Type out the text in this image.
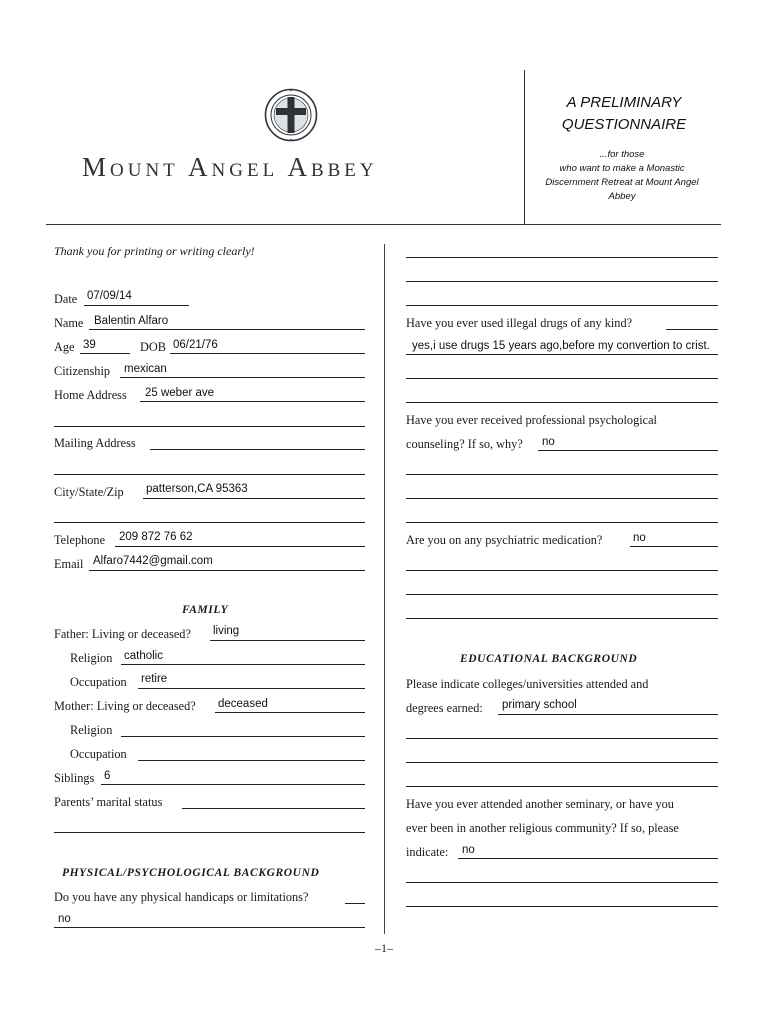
Mount Angel Abbey
A PRELIMINARY
QUESTIONNAIRE
...for those
who want to make a Monastic
Discernment Retreat at Mount Angel
Abbey
Thank you for printing or writing clearly!
Date 07/09/14
Name Balentin Alfaro
Age 39	DOB 06/21/76
Citizenship mexican
Home Address 25 weber ave
Mailing Address
City/State/Zip patterson,CA 95363
Telephone 209 872 76 62
Email Alfaro7442@gmail.com
FAMILY
Father: Living or deceased? living
Religion catholic
Occupation retire
Mother: Living or deceased? deceased
Religion
Occupation
Siblings 6
Parents’ marital status
PHYSICAL/PSYCHOLOGICAL BACKGROUND
Do you have any physical handicaps or limitations?
no
Have you ever used illegal drugs of any kind?
yes,i use drugs 15 years ago,before my convertion to crist.
Have you ever received professional psychological
counseling? If so, why? no
Are you on any psychiatric medication?	no
EDUCATIONAL BACKGROUND
Please indicate colleges/universities attended and
degrees earned: primary school
Have you ever attended another seminary, or have you
ever been in another religious community? If so, please
indicate: no
–1–
